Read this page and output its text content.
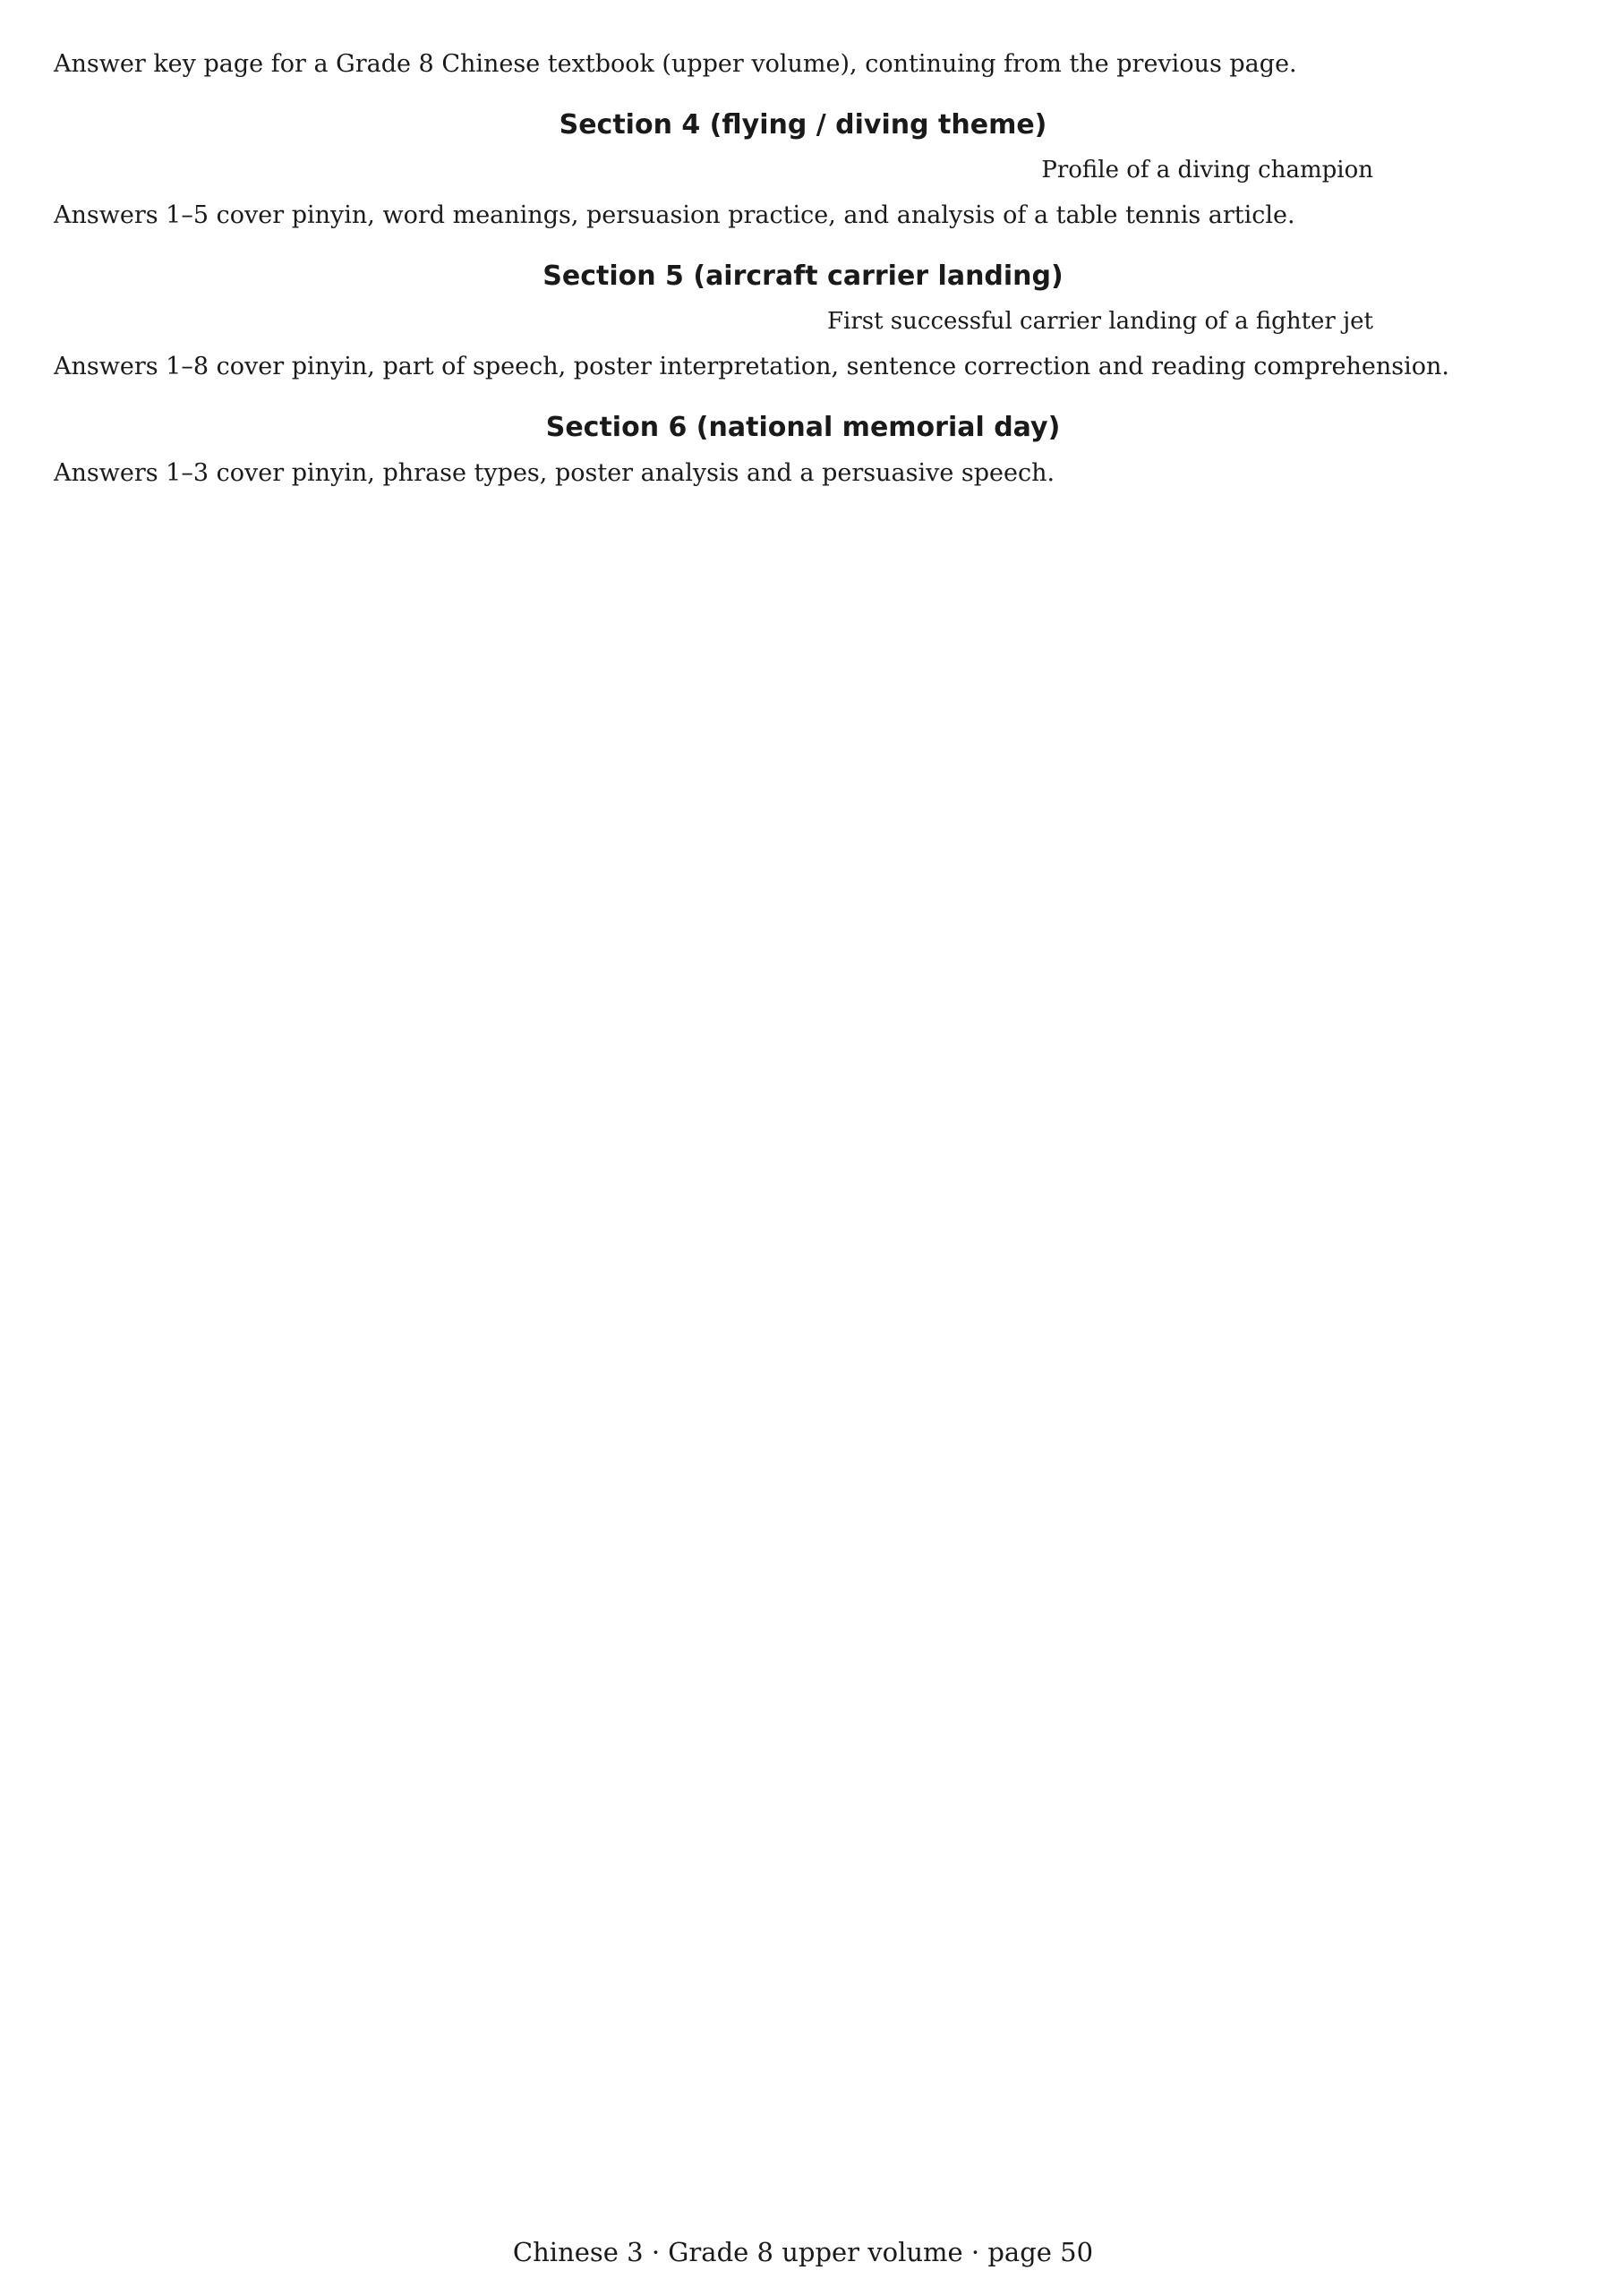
Answer key page for a Grade 8 Chinese textbook (upper volume), continuing from the previous page.
Section 4 (flying / diving theme)
Profile of a diving champion
Answers 1–5 cover pinyin, word meanings, persuasion practice, and analysis of a table tennis article.
Section 5 (aircraft carrier landing)
First successful carrier landing of a fighter jet
Answers 1–8 cover pinyin, part of speech, poster interpretation, sentence correction and reading comprehension.
Section 6 (national memorial day)
Answers 1–3 cover pinyin, phrase types, poster analysis and a persuasive speech.
Chinese 3 · Grade 8 upper volume · page 50
